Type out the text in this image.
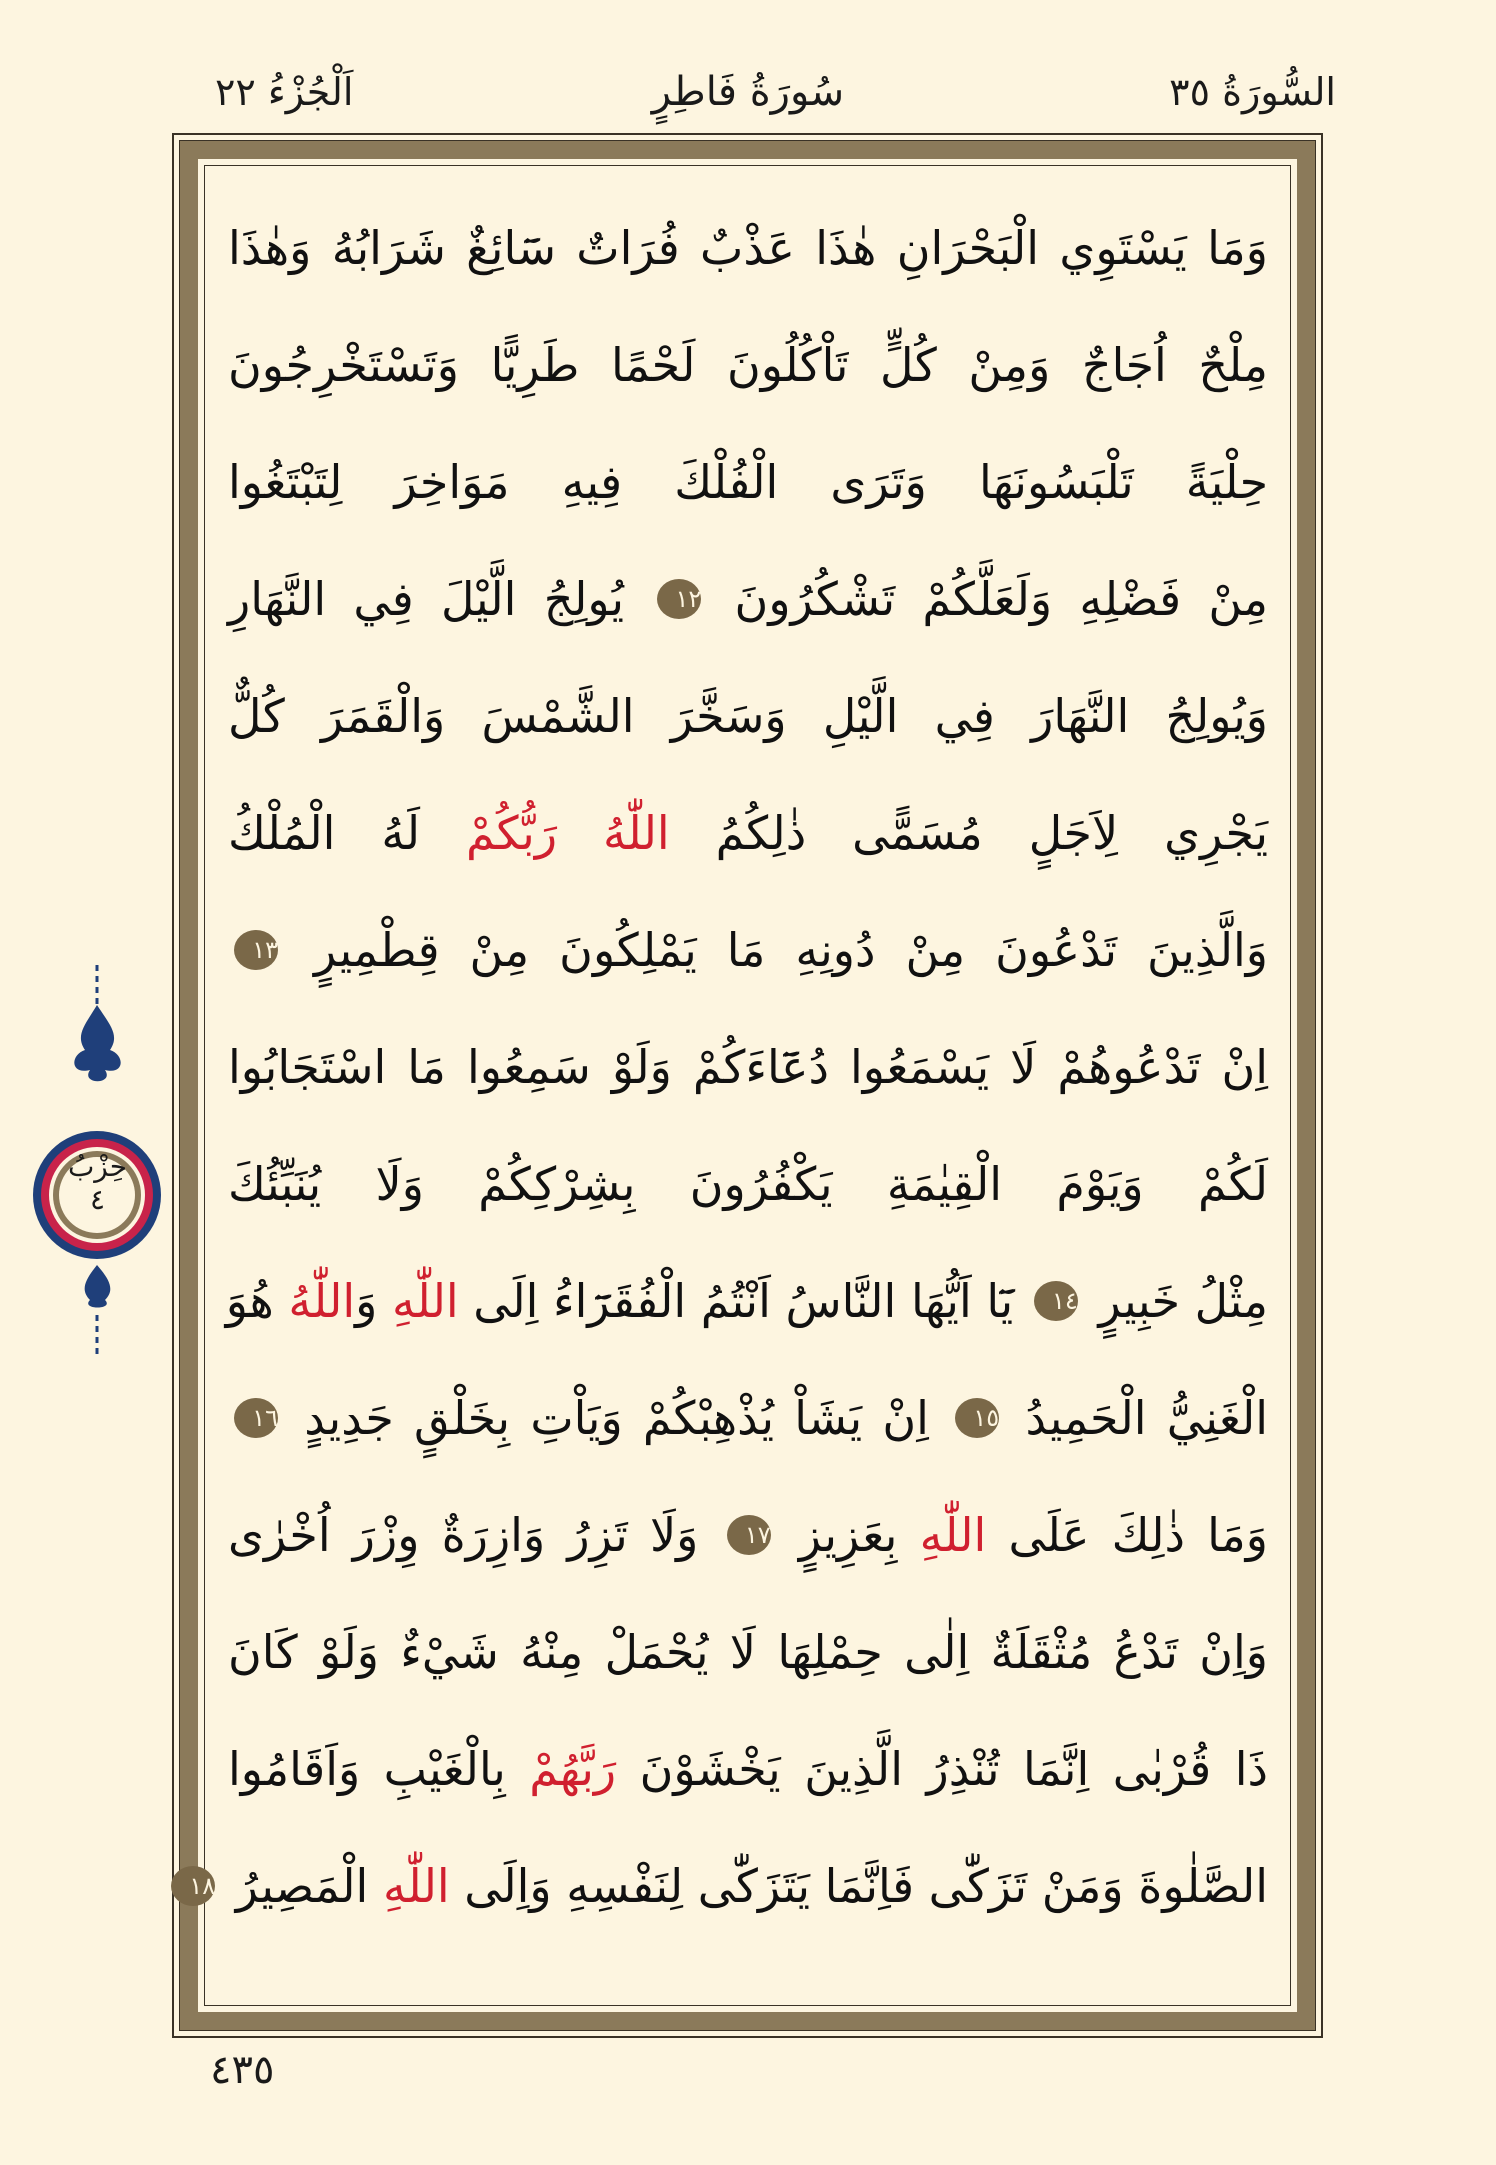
السُّورَةُ ٣٥
سُورَةُ فَاطِرٍ
اَلْجُزْءُ ٢٢
وَمَا يَسْتَوِي الْبَحْرَانِ هٰذَا عَذْبٌ فُرَاتٌ سَٓائِغٌ شَرَابُهُ وَهٰذَا
مِلْحٌ اُجَاجٌ وَمِنْ كُلٍّ تَاْكُلُونَ لَحْمًا طَرِيًّا وَتَسْتَخْرِجُونَ
حِلْيَةً تَلْبَسُونَهَا وَتَرَى الْفُلْكَ فِيهِ مَوَاخِرَ لِتَبْتَغُوا
مِنْ فَضْلِهِ وَلَعَلَّكُمْ تَشْكُرُونَ ١٢ يُولِجُ الَّيْلَ فِي النَّهَارِ
وَيُولِجُ النَّهَارَ فِي الَّيْلِ وَسَخَّرَ الشَّمْسَ وَالْقَمَرَ كُلٌّ
يَجْرِي لِاَجَلٍ مُسَمًّى ذٰلِكُمُ اللّٰهُ رَبُّكُمْ لَهُ الْمُلْكُ
وَالَّذِينَ تَدْعُونَ مِنْ دُونِهِ مَا يَمْلِكُونَ مِنْ قِطْمِيرٍ ١٣
اِنْ تَدْعُوهُمْ لَا يَسْمَعُوا دُعَٓاءَكُمْ وَلَوْ سَمِعُوا مَا اسْتَجَابُوا
لَكُمْ وَيَوْمَ الْقِيٰمَةِ يَكْفُرُونَ بِشِرْكِكُمْ وَلَا يُنَبِّئُكَ
مِثْلُ خَبِيرٍ ١٤ يَٓا اَيُّهَا النَّاسُ اَنْتُمُ الْفُقَرَٓاءُ اِلَى اللّٰهِ وَاللّٰهُ هُوَ
الْغَنِيُّ الْحَمِيدُ ١٥ اِنْ يَشَاْ يُذْهِبْكُمْ وَيَاْتِ بِخَلْقٍ جَدِيدٍ ١٦
وَمَا ذٰلِكَ عَلَى اللّٰهِ بِعَزِيزٍ ١٧ وَلَا تَزِرُ وَازِرَةٌ وِزْرَ اُخْرٰى
وَاِنْ تَدْعُ مُثْقَلَةٌ اِلٰى حِمْلِهَا لَا يُحْمَلْ مِنْهُ شَيْءٌ وَلَوْ كَانَ
ذَا قُرْبٰى اِنَّمَا تُنْذِرُ الَّذِينَ يَخْشَوْنَ رَبَّهُمْ بِالْغَيْبِ وَاَقَامُوا
الصَّلٰوةَ وَمَنْ تَزَكّٰى فَاِنَّمَا يَتَزَكّٰى لِنَفْسِهِ وَاِلَى اللّٰهِ الْمَصِيرُ ١٨
حِزْبُ
٤
٤٣٥
